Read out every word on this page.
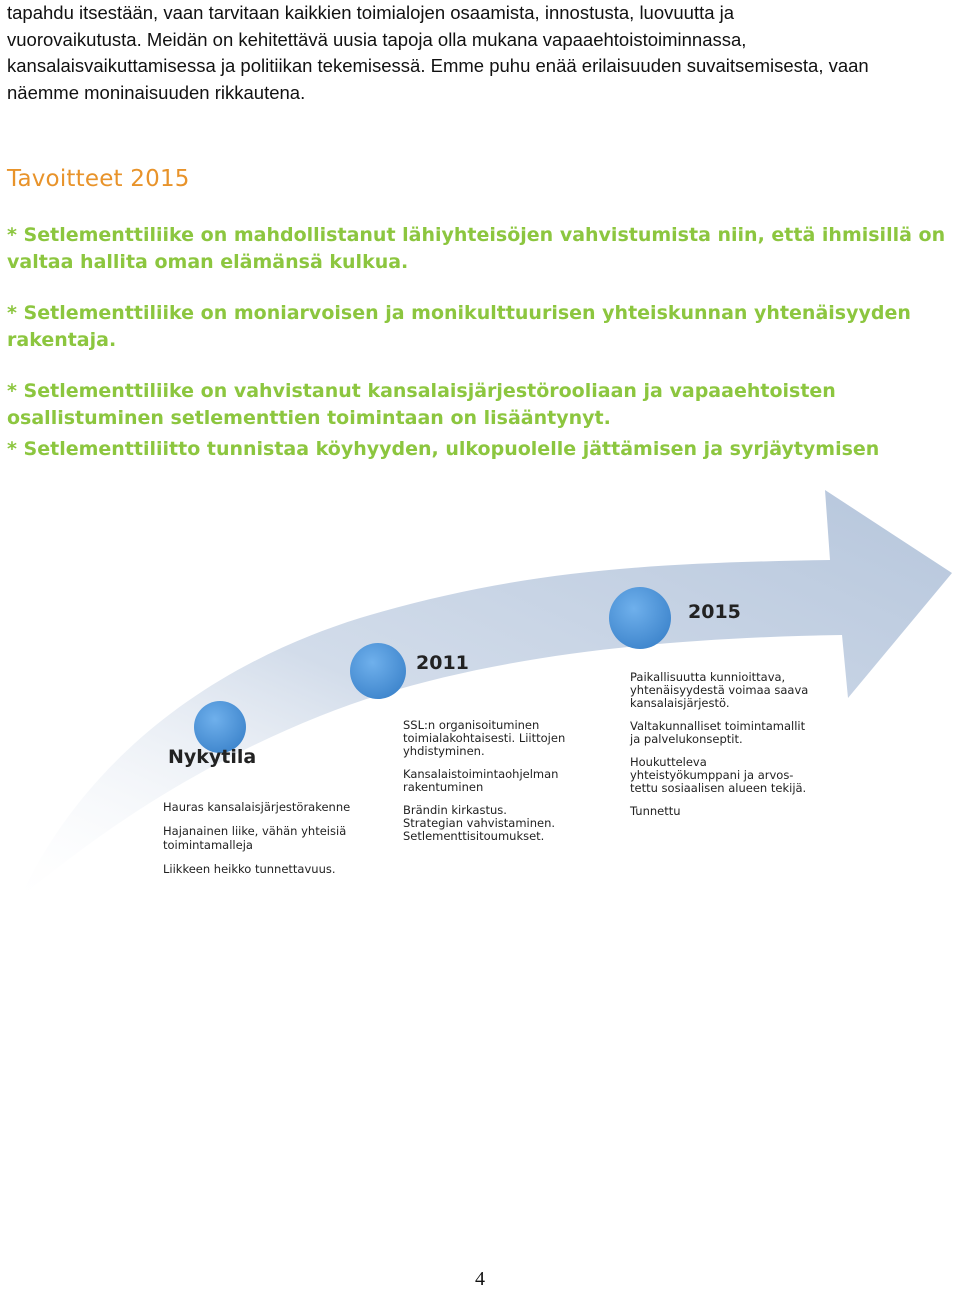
tapahdu itsestään, vaan tarvitaan kaikkien toimialojen osaamista, innostusta, luovuutta ja

vuorovaikutusta. Meidän on kehitettävä uusia tapoja olla mukana vapaaehtoistoiminnassa,

kansalaisvaikuttamisessa ja politiikan tekemisessä. Emme puhu enää erilaisuuden suvaitsemisesta, vaan

näemme moninaisuuden rikkautena.

Tavoitteet 2015
* Setlementtiliike on mahdollistanut lähiyhteisöjen vahvistumista niin, että ihmisillä on
valtaa hallita oman elämänsä kulkua.
* Setlementtiliike on moniarvoisen ja monikulttuurisen yhteiskunnan yhtenäisyyden
rakentaja.
* Setlementtiliike on vahvistanut kansalaisjärjestörooliaan ja vapaaehtoisten
osallistuminen setlementtien toimintaan on lisääntynyt.
* Setlementtiliitto tunnistaa köyhyyden, ulkopuolelle jättämisen ja syrjäytymisen
Nykytila
2011
2015
Hauras kansalaisjärjestörakenne
Hajanainen liike, vähän yhteisiä
toimintamalleja
Liikkeen heikko tunnettavuus.
SSL:n organisoituminen
toimialakohtaisesti. Liittojen
yhdistyminen.
Kansalaistoimintaohjelman
rakentuminen
Brändin kirkastus.
Strategian vahvistaminen.
Setlementtisitoumukset.
Paikallisuutta kunnioittava,
yhtenäisyydestä voimaa saava
kansalaisjärjestö.
Valtakunnalliset toimintamallit
ja palvelukonseptit.
Houkutteleva
yhteistyökumppani ja arvos-
tettu sosiaalisen alueen tekijä.
Tunnettu
4
